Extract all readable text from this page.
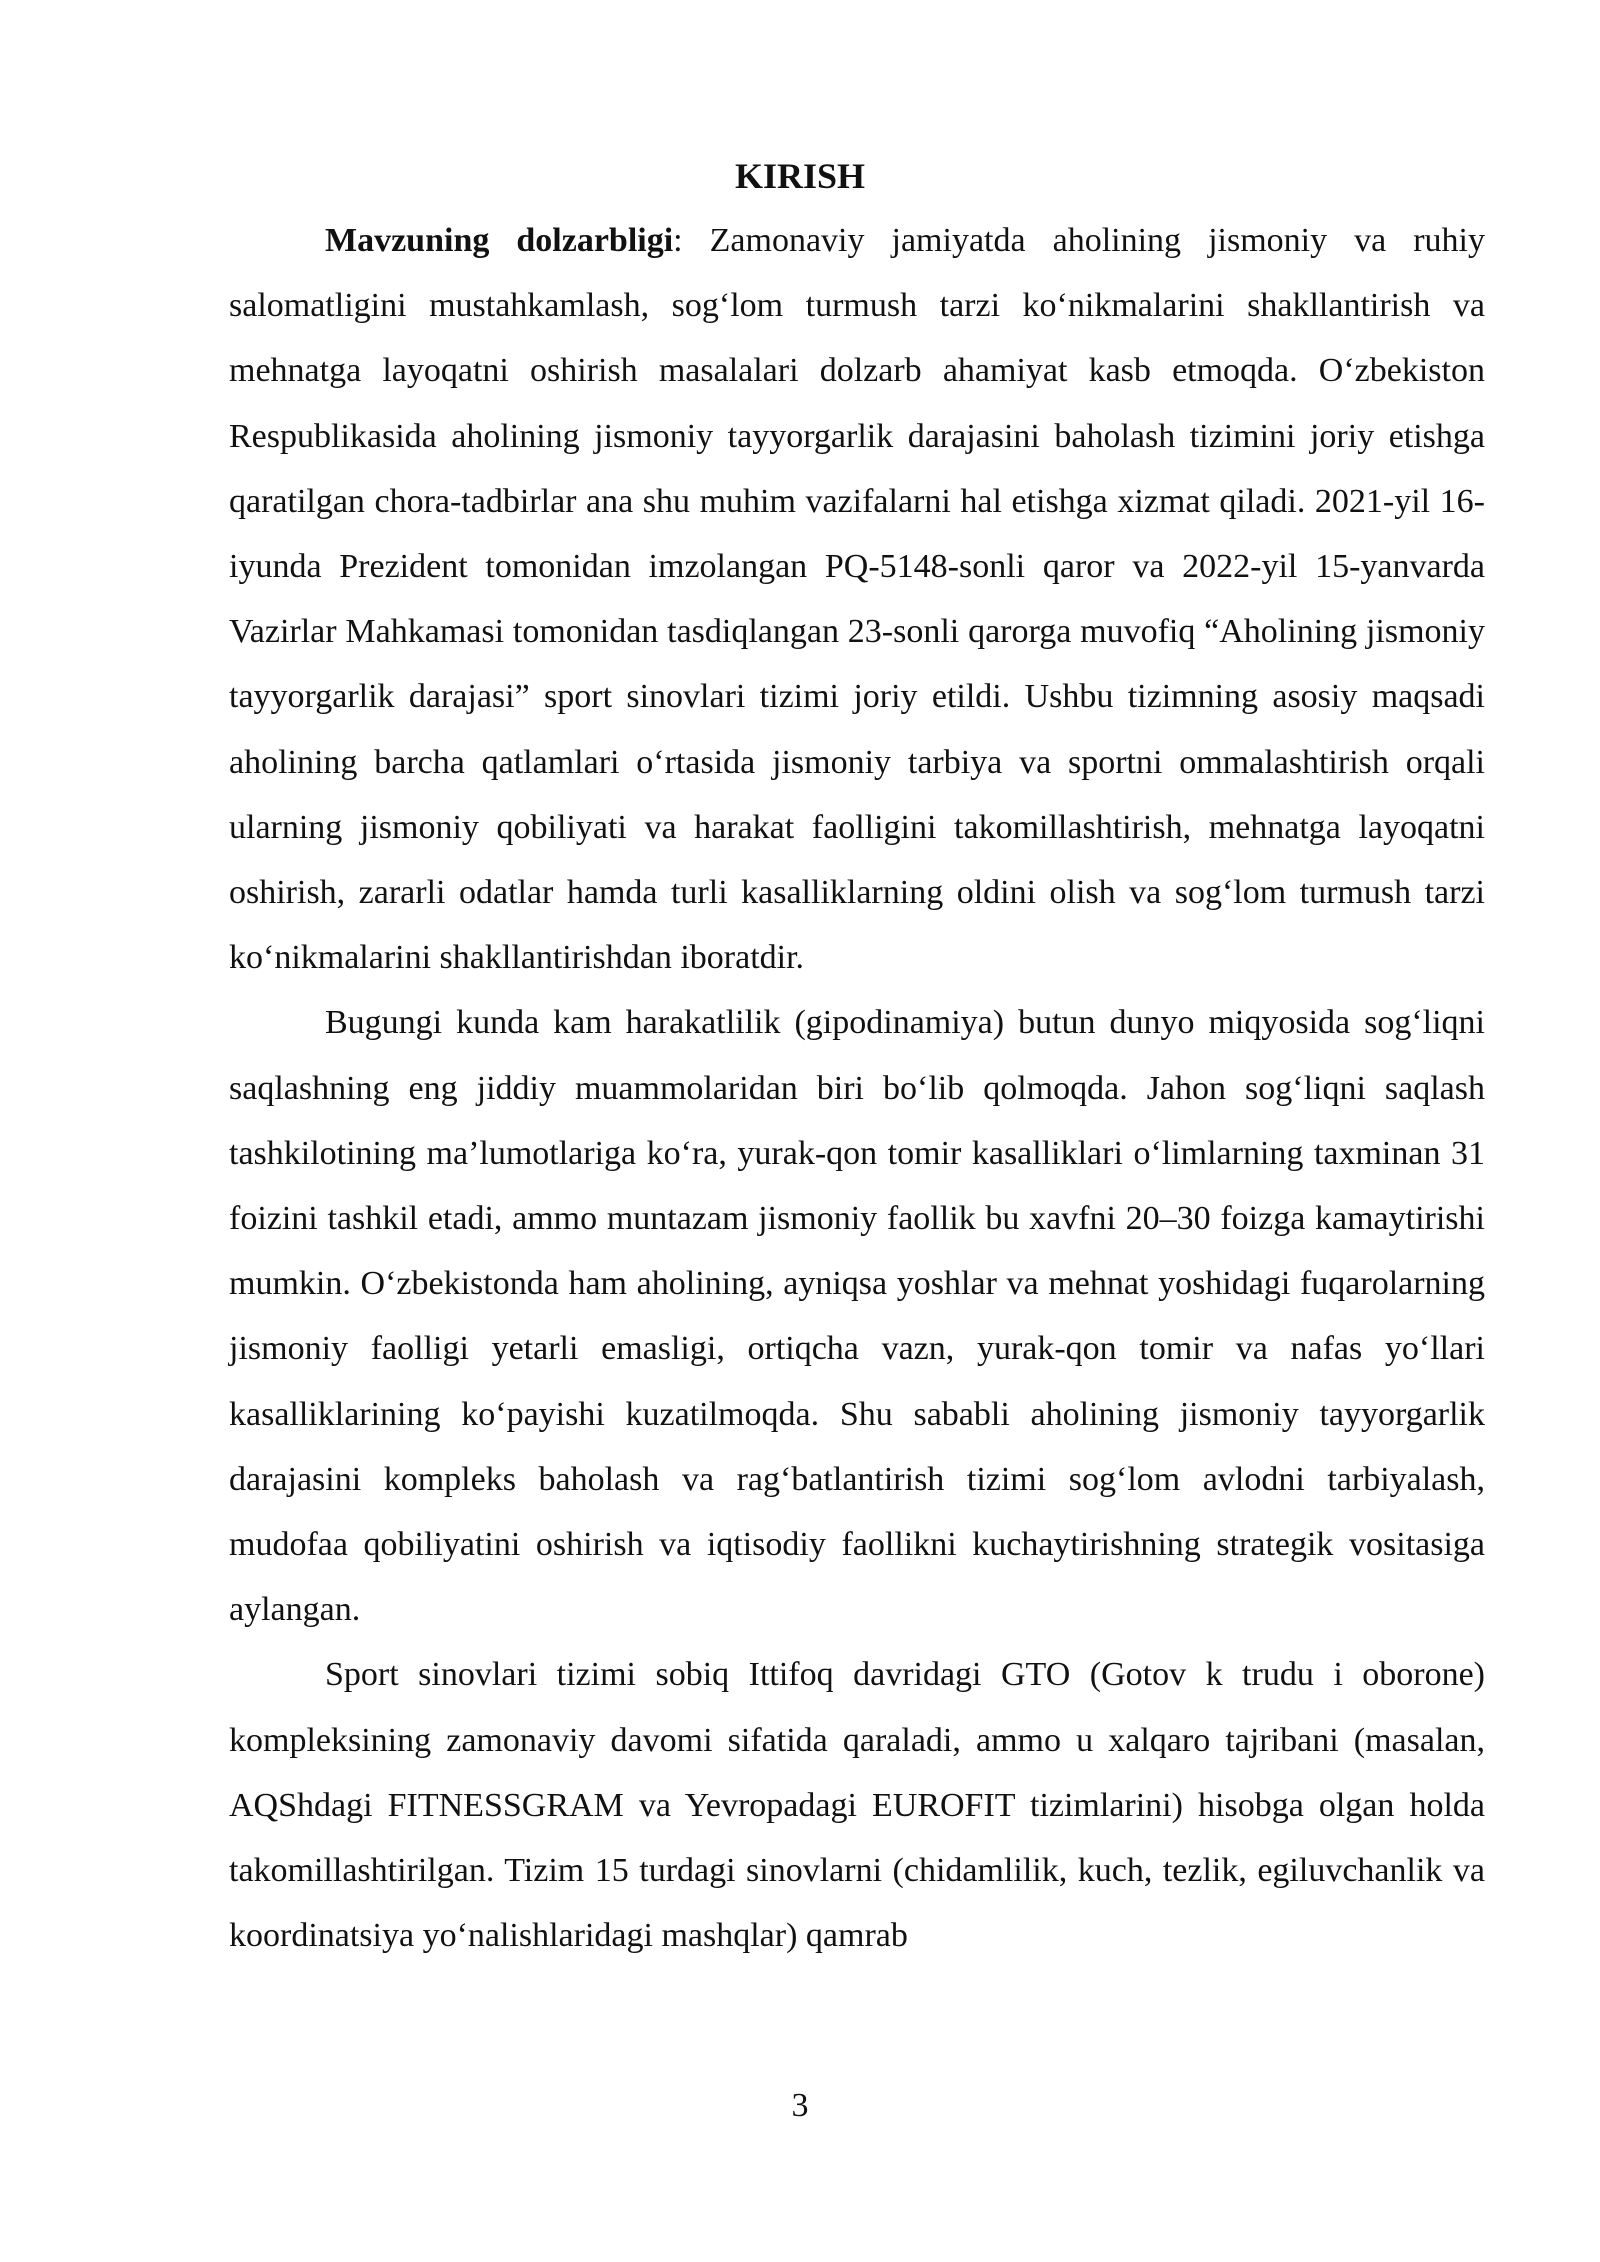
KIRISH

Mavzuning dolzarbligi: Zamonaviy jamiyatda aholining jismoniy va ruhiy salomatligini mustahkamlash, sog‘lom turmush tarzi ko‘nikmalarini shakllantirish va mehnatga layoqatni oshirish masalalari dolzarb ahamiyat kasb etmoqda. O‘zbekiston Respublikasida aholining jismoniy tayyorgarlik darajasini baholash tizimini joriy etishga qaratilgan chora-tadbirlar ana shu muhim vazifalarni hal etishga xizmat qiladi. 2021-yil 16-iyunda Prezident tomonidan imzolangan PQ-5148-sonli qaror va 2022-yil 15-yanvarda Vazirlar Mahkamasi tomonidan tasdiqlangan 23-sonli qarorga muvofiq “Aholining jismoniy tayyorgarlik darajasi” sport sinovlari tizimi joriy etildi. Ushbu tizimning asosiy maqsadi aholining barcha qatlamlari o‘rtasida jismoniy tarbiya va sportni ommalashtirish orqali ularning jismoniy qobiliyati va harakat faolligini takomillashtirish, mehnatga layoqatni oshirish, zararli odatlar hamda turli kasalliklarning oldini olish va sog‘lom turmush tarzi ko‘nikmalarini shakllantirishdan iboratdir.

Bugungi kunda kam harakatlilik (gipodinamiya) butun dunyo miqyosida sog‘liqni saqlashning eng jiddiy muammolaridan biri bo‘lib qolmoqda. Jahon sog‘liqni saqlash tashkilotining ma’lumotlariga ko‘ra, yurak-qon tomir kasalliklari o‘limlarning taxminan 31 foizini tashkil etadi, ammo muntazam jismoniy faollik bu xavfni 20–30 foizga kamaytirishi mumkin. O‘zbekistonda ham aholining, ayniqsa yoshlar va mehnat yoshidagi fuqarolarning jismoniy faolligi yetarli emasligi, ortiqcha vazn, yurak-qon tomir va nafas yo‘llari kasalliklarining ko‘payishi kuzatilmoqda. Shu sababli aholining jismoniy tayyorgarlik darajasini kompleks baholash va rag‘batlantirish tizimi sog‘lom avlodni tarbiyalash, mudofaa qobiliyatini oshirish va iqtisodiy faollikni kuchaytirishning strategik vositasiga aylangan.

Sport sinovlari tizimi sobiq Ittifoq davridagi GTO (Gotov k trudu i oborone) kompleksining zamonaviy davomi sifatida qaraladi, ammo u xalqaro tajribani (masalan, AQShdagi FITNESSGRAM va Yevropadagi EUROFIT tizimlarini) hisobga olgan holda takomillashtirilgan. Tizim 15 turdagi sinovlarni (chidamlilik, kuch, tezlik, egiluvchanlik va koordinatsiya yo‘nalishlaridagi mashqlar) qamrab

3
